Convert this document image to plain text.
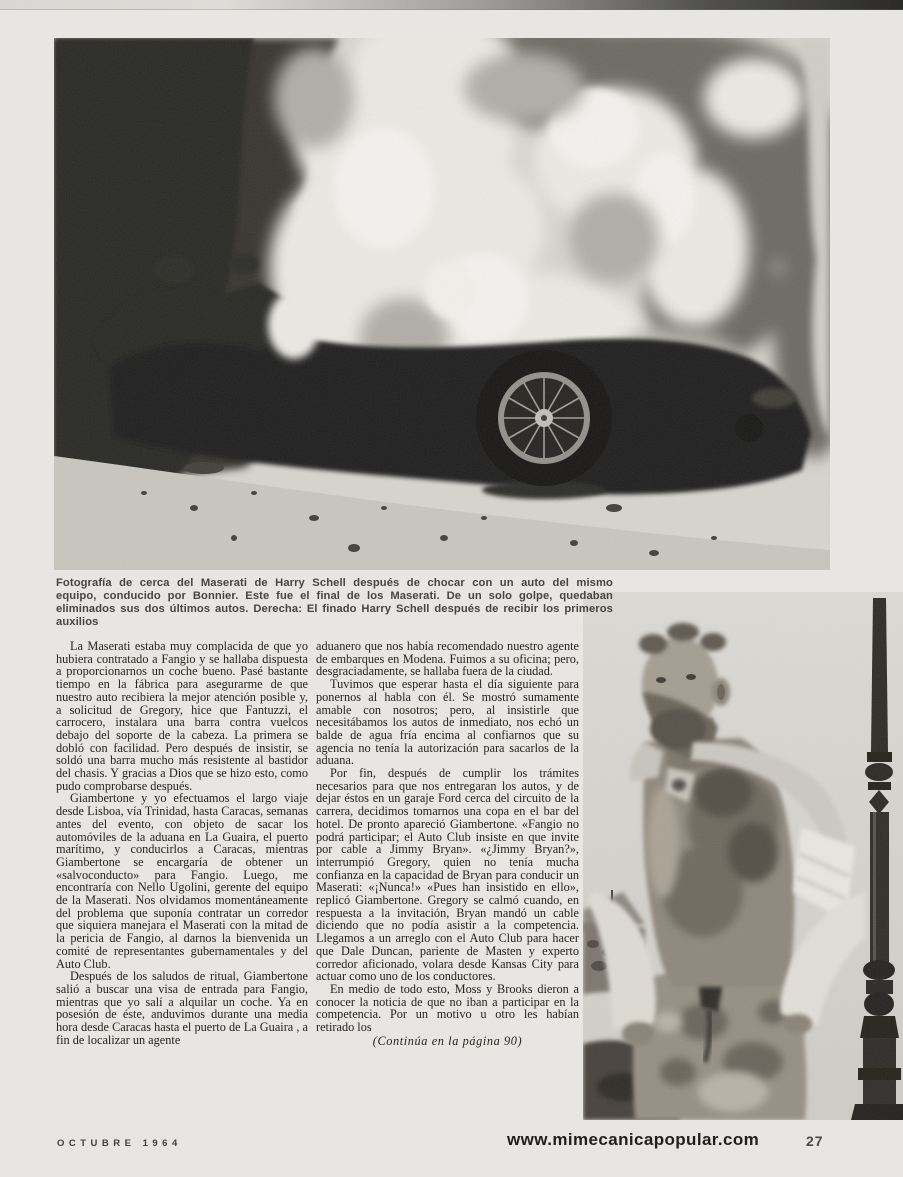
Fotografía de cerca del Maserati de Harry Schell después de chocar con un auto del mismo equipo, conducido por Bonnier. Este fue el final de los Maserati. De un solo golpe, quedaban eliminados sus dos últimos autos. Derecha: El finado Harry Schell después de recibir los primeros auxilios

La Maserati estaba muy complacida de que yo hubiera contratado a Fangio y se hallaba dispuesta a proporcionarnos un coche bueno. Pasé bastante tiempo en la fábrica para asegurarme de que nuestro auto recibiera la mejor atención posible y, a solicitud de Gregory, hice que Fantuzzi, el carrocero, instalara una barra contra vuelcos debajo del soporte de la cabeza. La primera se dobló con facilidad. Pero después de insistir, se soldó una barra mucho más resistente al bastidor del chasis. Y gracias a Dios que se hizo esto, como pudo comprobarse después.

Giambertone y yo efectuamos el largo viaje desde Lisboa, vía Trinidad, hasta Caracas, semanas antes del evento, con objeto de sacar los automóviles de la aduana en La Guaira, el puerto marítimo, y conducirlos a Caracas, mientras Giambertone se encargaría de obtener un «salvoconducto» para Fangio. Luego, me encontraría con Nello Ugolini, gerente del equipo de la Maserati. Nos olvidamos momentáneamente del problema que suponía contratar un corredor que siquiera manejara el Maserati con la mitad de la pericia de Fangio, al darnos la bienvenida un comité de representantes gubernamentales y del Auto Club.

Después de los saludos de ritual, Giambertone salió a buscar una visa de entrada para Fangio, mientras que yo salí a alquilar un coche. Ya en posesión de éste, anduvimos durante una media hora desde Caracas hasta el puerto de La Guaira , a fin de localizar un agente

aduanero que nos había recomendado nuestro agente de embarques en Modena. Fuimos a su oficina; pero, desgraciadamente, se hallaba fuera de la ciudad.

Tuvimos que esperar hasta el día siguiente para ponernos al habla con él. Se mostró sumamente amable con nosotros; pero, al insistirle que necesitábamos los autos de inmediato, nos echó un balde de agua fría encima al confiarnos que su agencia no tenía la autorización para sacarlos de la aduana.

Por fin, después de cumplir los trámites necesarios para que nos entregaran los autos, y de dejar éstos en un garaje Ford cerca del circuito de la carrera, decidimos tomarnos una copa en el bar del hotel. De pronto apareció Giambertone. «Fangio no podrá participar; el Auto Club insiste en que invite por cable a Jimmy Bryan». «¿Jimmy Bryan?», interrumpió Gregory, quien no tenía mucha confianza en la capacidad de Bryan para conducir un Maserati: «¡Nunca!» «Pues han insistido en ello», replicó Giambertone. Gregory se calmó cuando, en respuesta a la invitación, Bryan mandó un cable diciendo que no podía asistir a la competencia. Llegamos a un arreglo con el Auto Club para hacer que Dale Duncan, pariente de Masten y experto corredor aficionado, volara desde Kansas City para actuar como uno de los conductores.

En medio de todo esto, Moss y Brooks dieron a conocer la noticia de que no iban a participar en la competencia. Por un motivo u otro les habían retirado los

(Continúa en la página 90)

OCTUBRE 1964	www.mimecanicapopular.com	27
